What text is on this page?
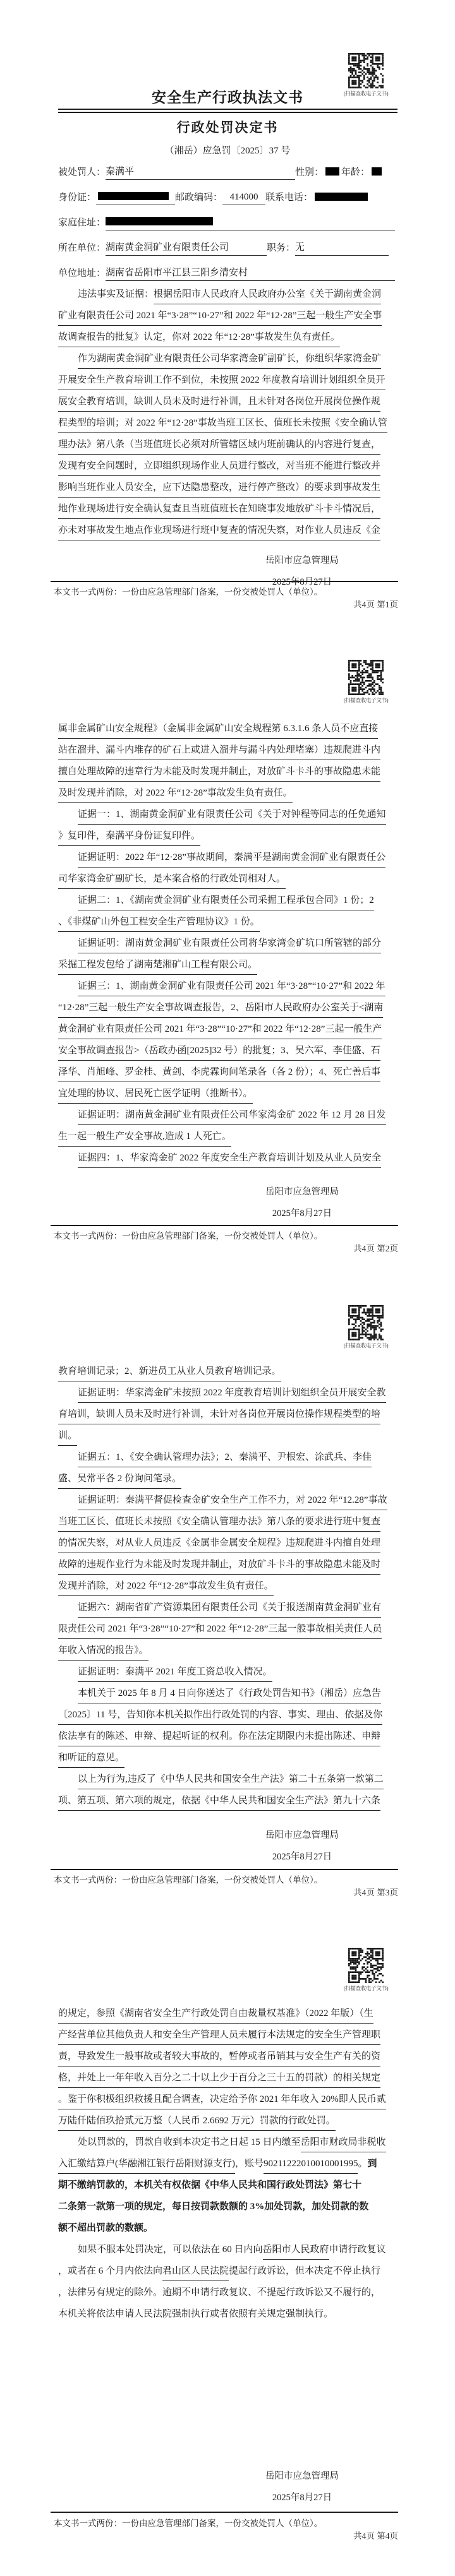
(扫描查收电子文书)
安全生产行政执法文书
行政处罚决定书
（湘岳）应急罚〔2025〕37 号
被处罚人：秦满平	性别： 年龄：
身份证：	邮政编码： 414000 联系电话：
家庭住址：
所在单位：湖南黄金洞矿业有限责任公司	职务：无
单位地址：湖南省岳阳市平江县三阳乡清安村
违法事实及证据：根据岳阳市人民政府人民政府办公室《关于湖南黄金洞
矿业有限责任公司 2021 年“3·28”“10·27”和 2022 年“12·28”三起一般生产安全事
故调查报告的批复》认定，你对 2022 年“12·28”事故发生负有责任。
作为湖南黄金洞矿业有限责任公司华家湾金矿副矿长，你组织华家湾金矿
开展安全生产教育培训工作不到位，未按照 2022 年度教育培训计划组织全员开
展安全教育培训，缺训人员未及时进行补训，且未针对各岗位开展岗位操作规
程类型的培训；对 2022 年“12·28”事故当班工区长、值班长未按照《安全确认管
理办法》第八条（当班值班长必须对所管辖区域内班前确认的内容进行复查，
发现有安全问题时，立即组织现场作业人员进行整改，对当班不能进行整改并
影响当班作业人员安全，应下达隐患整改，进行停产整改）的要求到事故发生
地作业现场进行安全确认复查且当班值班长在知晓事发地放矿斗卡斗情况后，
亦未对事故发生地点作业现场进行班中复查的情况失察，对作业人员违反《金
岳阳市应急管理局
2025年8月27日
本文书一式两份：一份由应急管理部门备案，一份交被处罚人（单位）。
共4页 第1页
(扫描查收电子文书)
属非金属矿山安全规程》（金属非金属矿山安全规程第 6.3.1.6 条人员不应直接
站在溜井、漏斗内堆存的矿石上或进入溜井与漏斗内处理堵塞）违规爬进斗内
擅自处理故障的违章行为未能及时发现并制止，对放矿斗卡斗的事故隐患未能
及时发现并消除，对 2022 年“12·28”事故发生负有责任。
证据一：1、湖南黄金洞矿业有限责任公司《关于对钟程等同志的任免通知
》复印件，秦满平身份证复印件。
证据证明：2022 年“12·28”事故期间，秦满平是湖南黄金洞矿业有限责任公
司华家湾金矿副矿长，是本案合格的行政处罚相对人。
证据二：1、《湖南黄金洞矿业有限责任公司采掘工程承包合同》1 份；2
、《非煤矿山外包工程安全生产管理协议》1 份。
证据证明：湖南黄金洞矿业有限责任公司将华家湾金矿坑口所管辖的部分
采掘工程发包给了湖南楚湘矿山工程有限公司。
证据三：1、湖南黄金洞矿业有限责任公司 2021 年“3·28”“10·27”和 2022 年
“12·28”三起一般生产安全事故调查报告，2、岳阳市人民政府办公室关于<湖南
黄金洞矿业有限责任公司 2021 年“3·28”“10·27”和 2022 年“12·28”三起一般生产
安全事故调查报告>（岳政办函[2025]32 号）的批复；3、吴六军、李佳盛、石
泽华、肖旭峰、罗金桂、黄剑、李虎霖询问笔录各（各 2 份）；4、死亡善后事
宜处理的协议、居民死亡医学证明（推断书）。
证据证明：湖南黄金洞矿业有限责任公司华家湾金矿 2022 年 12 月 28 日发
生一起一般生产安全事故,造成 1 人死亡。
证据四：1、华家湾金矿 2022 年度安全生产教育培训计划及从业人员安全
岳阳市应急管理局
2025年8月27日
本文书一式两份：一份由应急管理部门备案，一份交被处罚人（单位）。
共4页 第2页
(扫描查收电子文书)
教育培训记录；2、新进员工从业人员教育培训记录。
证据证明：华家湾金矿未按照 2022 年度教育培训计划组织全员开展安全教
育培训，缺训人员未及时进行补训，未针对各岗位开展岗位操作规程类型的培
训。
证据五：1、《安全确认管理办法》；2、秦满平、尹根宏、涂武兵、李佳
盛、吴常平各 2 份询问笔录。
证据证明：秦满平督促检查金矿安全生产工作不力，对 2022 年“12.28”事故
当班工区长、值班长未按照《安全确认管理办法》第八条的要求进行班中复查
的情况失察，对从业人员违反《金属非金属安全规程》违规爬进斗内擅自处理
故障的违规作业行为未能及时发现并制止，对放矿斗卡斗的事故隐患未能及时
发现并消除，对 2022 年“12·28”事故发生负有责任。
证据六：湖南省矿产资源集团有限责任公司《关于报送湖南黄金洞矿业有
限责任公司 2021 年“3·28”“10·27”和 2022 年“12·28”三起一般事故相关责任人员
年收入情况的报告》。
证据证明：秦满平 2021 年度工资总收入情况。
本机关于 2025 年 8 月 4 日向你送达了《行政处罚告知书》（湘岳）应急告
〔2025〕11 号，告知你本机关拟作出行政处罚的内容、事实、理由、依据及你
依法享有的陈述、申辩、提起听证的权利。你在法定期限内未提出陈述、申辩
和听证的意见。
以上为行为,违反了《中华人民共和国安全生产法》第二十五条第一款第二
项、第五项、第六项的规定，依据《中华人民共和国安全生产法》第九十六条
岳阳市应急管理局
2025年8月27日
本文书一式两份：一份由应急管理部门备案，一份交被处罚人（单位）。
共4页 第3页
(扫描查收电子文书)
的规定，参照《湖南省安全生产行政处罚自由裁量权基准》（2022 年版）（生
产经营单位其他负责人和安全生产管理人员未履行本法规定的安全生产管理职
责，导致发生一般事故或者较大事故的，暂停或者吊销其与安全生产有关的资
格，并处上一年年收入百分之二十以上少于百分之三十五的罚款）的相关规定
。鉴于你积极组织救援且配合调查，决定给予你 2021 年年收入 20%即人民币贰
万陆仟陆佰玖拾贰元万整（人民币 2.6692 万元）罚款的行政处罚。
处以罚款的，罚款自收到本决定书之日起 15 日内缴至岳阳市财政局非税收
入汇缴结算户(华融湘江银行岳阳财源支行)，账号90211222010010001995。到
期不缴纳罚款的，本机关有权依据《中华人民共和国行政处罚法》第七十
二条第一款第一项的规定，每日按罚款数额的 3%加处罚款，加处罚款的数
额不超出罚款的数额。
如果不服本处罚决定，可以依法在 60 日内向岳阳市人民政府申请行政复议
，或者在 6 个月内依法向君山区人民法院提起行政诉讼，但本决定不停止执行
，法律另有规定的除外。逾期不申请行政复议、不提起行政诉讼又不履行的，
本机关将依法申请人民法院强制执行或者依照有关规定强制执行。
岳阳市应急管理局
2025年8月27日
本文书一式两份：一份由应急管理部门备案，一份交被处罚人（单位）。
共4页 第4页
